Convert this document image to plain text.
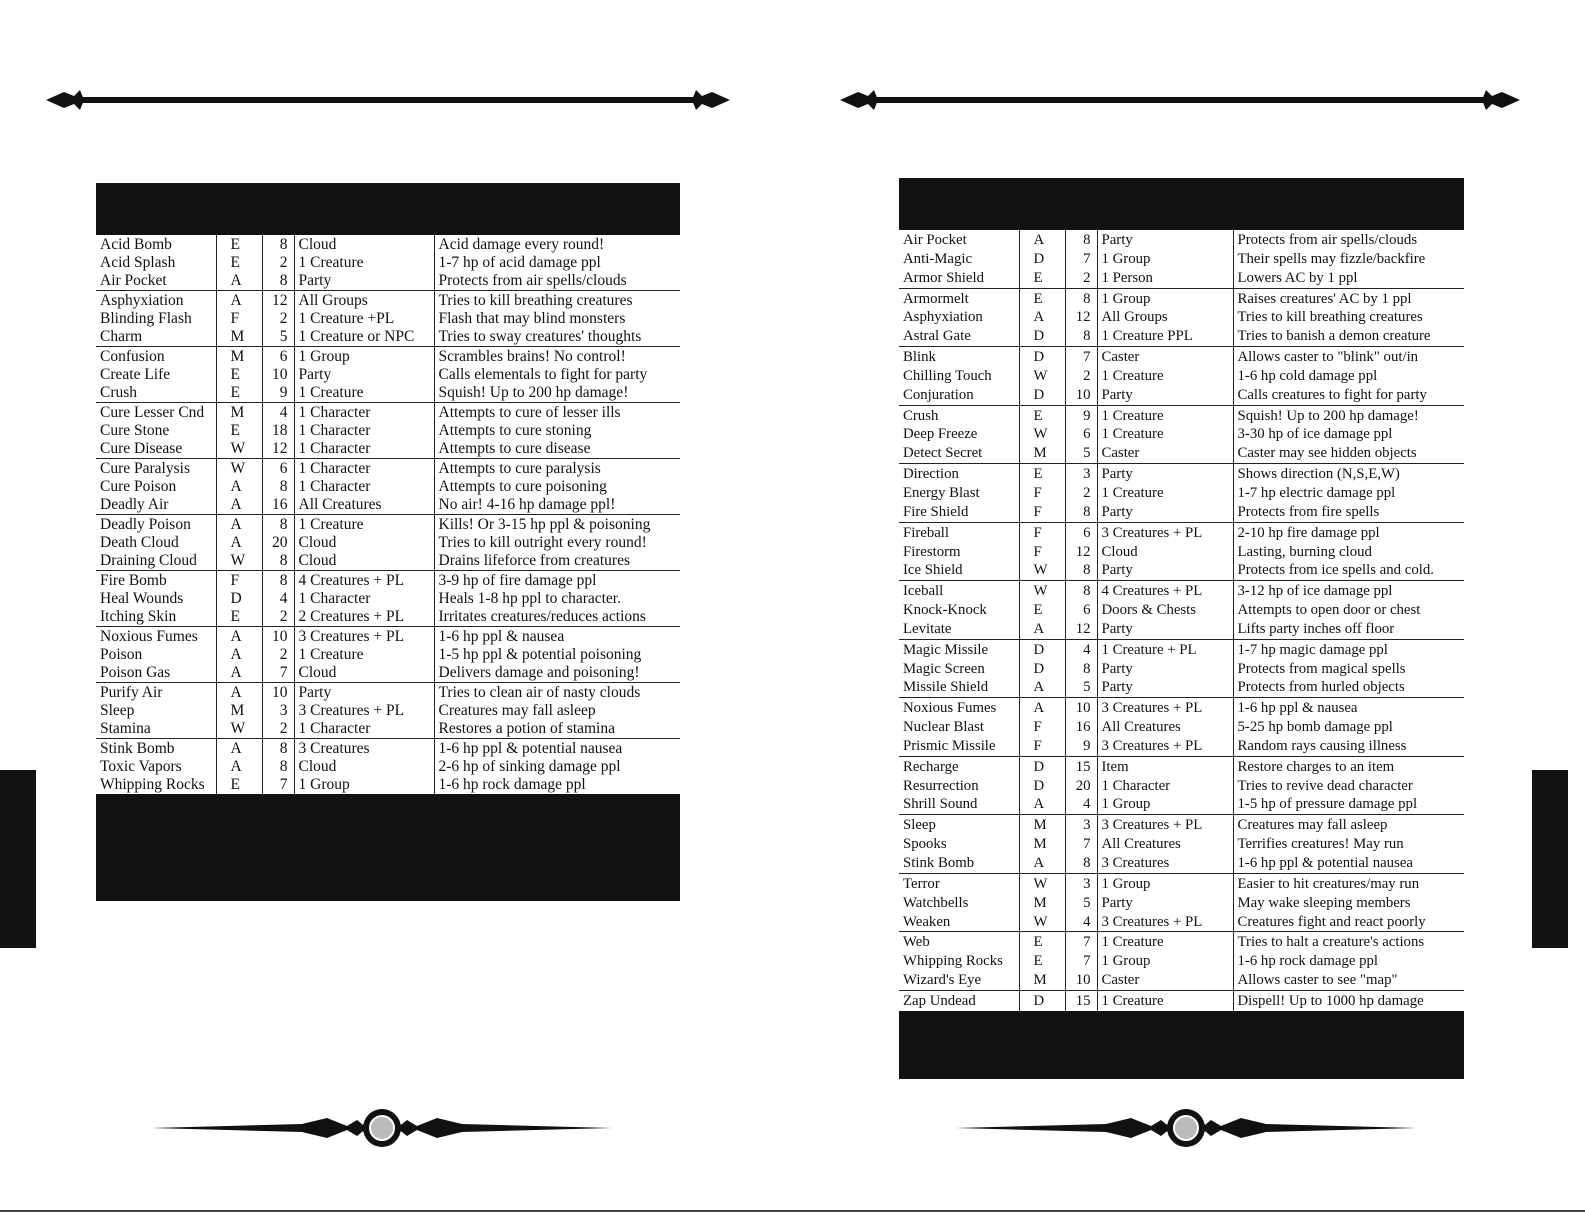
Acid Bomb	E	8	Cloud	Acid damage every round!
Acid Splash	E	2	1 Creature	1-7 hp of acid damage ppl
Air Pocket	A	8	Party	Protects from air spells/clouds
Asphyxiation	A	12	All Groups	Tries to kill breathing creatures
Blinding Flash	F	2	1 Creature +PL	Flash that may blind monsters
Charm	M	5	1 Creature or NPC	Tries to sway creatures' thoughts
Confusion	M	6	1 Group	Scrambles brains! No control!
Create Life	E	10	Party	Calls elementals to fight for party
Crush	E	9	1 Creature	Squish! Up to 200 hp damage!
Cure Lesser Cnd	M	4	1 Character	Attempts to cure of lesser ills
Cure Stone	E	18	1 Character	Attempts to cure stoning
Cure Disease	W	12	1 Character	Attempts to cure disease
Cure Paralysis	W	6	1 Character	Attempts to cure paralysis
Cure Poison	A	8	1 Character	Attempts to cure poisoning
Deadly Air	A	16	All Creatures	No air! 4-16 hp damage ppl!
Deadly Poison	A	8	1 Creature	Kills! Or 3-15 hp ppl & poisoning
Death Cloud	A	20	Cloud	Tries to kill outright every round!
Draining Cloud	W	8	Cloud	Drains lifeforce from creatures
Fire Bomb	F	8	4 Creatures + PL	3-9 hp of fire damage ppl
Heal Wounds	D	4	1 Character	Heals 1-8 hp ppl to character.
Itching Skin	E	2	2 Creatures + PL	Irritates creatures/reduces actions
Noxious Fumes	A	10	3 Creatures + PL	1-6 hp ppl & nausea
Poison	A	2	1 Creature	1-5 hp ppl & potential poisoning
Poison Gas	A	7	Cloud	Delivers damage and poisoning!
Purify Air	A	10	Party	Tries to clean air of nasty clouds
Sleep	M	3	3 Creatures + PL	Creatures may fall asleep
Stamina	W	2	1 Character	Restores a potion of stamina
Stink Bomb	A	8	3 Creatures	1-6 hp ppl & potential nausea
Toxic Vapors	A	8	Cloud	2-6 hp of sinking damage ppl
Whipping Rocks	E	7	1 Group	1-6 hp rock damage ppl
Air Pocket	A	8	Party	Protects from air spells/clouds
Anti-Magic	D	7	1 Group	Their spells may fizzle/backfire
Armor Shield	E	2	1 Person	Lowers AC by 1 ppl
Armormelt	E	8	1 Group	Raises creatures' AC by 1 ppl
Asphyxiation	A	12	All Groups	Tries to kill breathing creatures
Astral Gate	D	8	1 Creature PPL	Tries to banish a demon creature
Blink	D	7	Caster	Allows caster to "blink" out/in
Chilling Touch	W	2	1 Creature	1-6 hp cold damage ppl
Conjuration	D	10	Party	Calls creatures to fight for party
Crush	E	9	1 Creature	Squish! Up to 200 hp damage!
Deep Freeze	W	6	1 Creature	3-30 hp of ice damage ppl
Detect Secret	M	5	Caster	Caster may see hidden objects
Direction	E	3	Party	Shows direction (N,S,E,W)
Energy Blast	F	2	1 Creature	1-7 hp electric damage ppl
Fire Shield	F	8	Party	Protects from fire spells
Fireball	F	6	3 Creatures + PL	2-10 hp fire damage ppl
Firestorm	F	12	Cloud	Lasting, burning cloud
Ice Shield	W	8	Party	Protects from ice spells and cold.
Iceball	W	8	4 Creatures + PL	3-12 hp of ice damage ppl
Knock-Knock	E	6	Doors & Chests	Attempts to open door or chest
Levitate	A	12	Party	Lifts party inches off floor
Magic Missile	D	4	1 Creature + PL	1-7 hp magic damage ppl
Magic Screen	D	8	Party	Protects from magical spells
Missile Shield	A	5	Party	Protects from hurled objects
Noxious Fumes	A	10	3 Creatures + PL	1-6 hp ppl & nausea
Nuclear Blast	F	16	All Creatures	5-25 hp bomb damage ppl
Prismic Missile	F	9	3 Creatures + PL	Random rays causing illness
Recharge	D	15	Item	Restore charges to an item
Resurrection	D	20	1 Character	Tries to revive dead character
Shrill Sound	A	4	1 Group	1-5 hp of pressure damage ppl
Sleep	M	3	3 Creatures + PL	Creatures may fall asleep
Spooks	M	7	All Creatures	Terrifies creatures! May run
Stink Bomb	A	8	3 Creatures	1-6 hp ppl & potential nausea
Terror	W	3	1 Group	Easier to hit creatures/may run
Watchbells	M	5	Party	May wake sleeping members
Weaken	W	4	3 Creatures + PL	Creatures fight and react poorly
Web	E	7	1 Creature	Tries to halt a creature's actions
Whipping Rocks	E	7	1 Group	1-6 hp rock damage ppl
Wizard's Eye	M	10	Caster	Allows caster to see "map"
Zap Undead	D	15	1 Creature	Dispell! Up to 1000 hp damage
